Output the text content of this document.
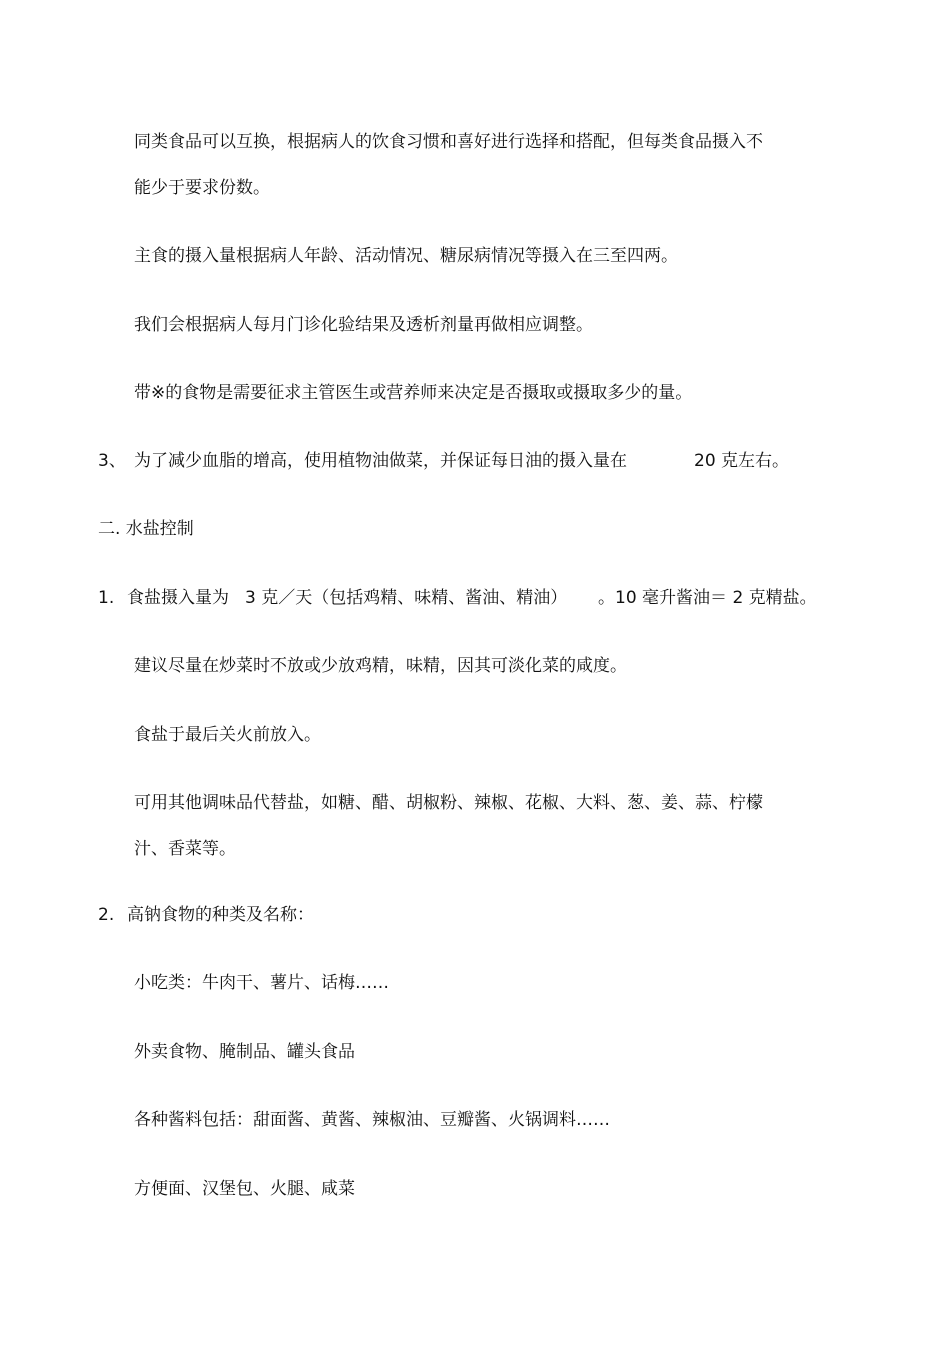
同类食品可以互换，根据病人的饮食习惯和喜好进行选择和搭配，但每类食品摄入不
能少于要求份数。
主食的摄入量根据病人年龄、活动情况、糖尿病情况等摄入在三至四两。
我们会根据病人每月门诊化验结果及透析剂量再做相应调整。
带※的食物是需要征求主管医生或营养师来决定是否摄取或摄取多少的量。
3、 为了减少血脂的增高，使用植物油做菜，并保证每日油的摄入量在	20 克左右。
二. 水盐控制
1. 食盐摄入量为 3 克／天（包括鸡精、味精、酱油、精油） 。10 毫升酱油＝ 2 克精盐。
建议尽量在炒菜时不放或少放鸡精，味精，因其可淡化菜的咸度。
食盐于最后关火前放入。
可用其他调味品代替盐，如糖、醋、胡椒粉、辣椒、花椒、大料、葱、姜、蒜、柠檬
汁、香菜等。
2. 高钠食物的种类及名称：
小吃类：牛肉干、薯片、话梅……
外卖食物、腌制品、罐头食品
各种酱料包括：甜面酱、黄酱、辣椒油、豆瓣酱、火锅调料……
方便面、汉堡包、火腿、咸菜
